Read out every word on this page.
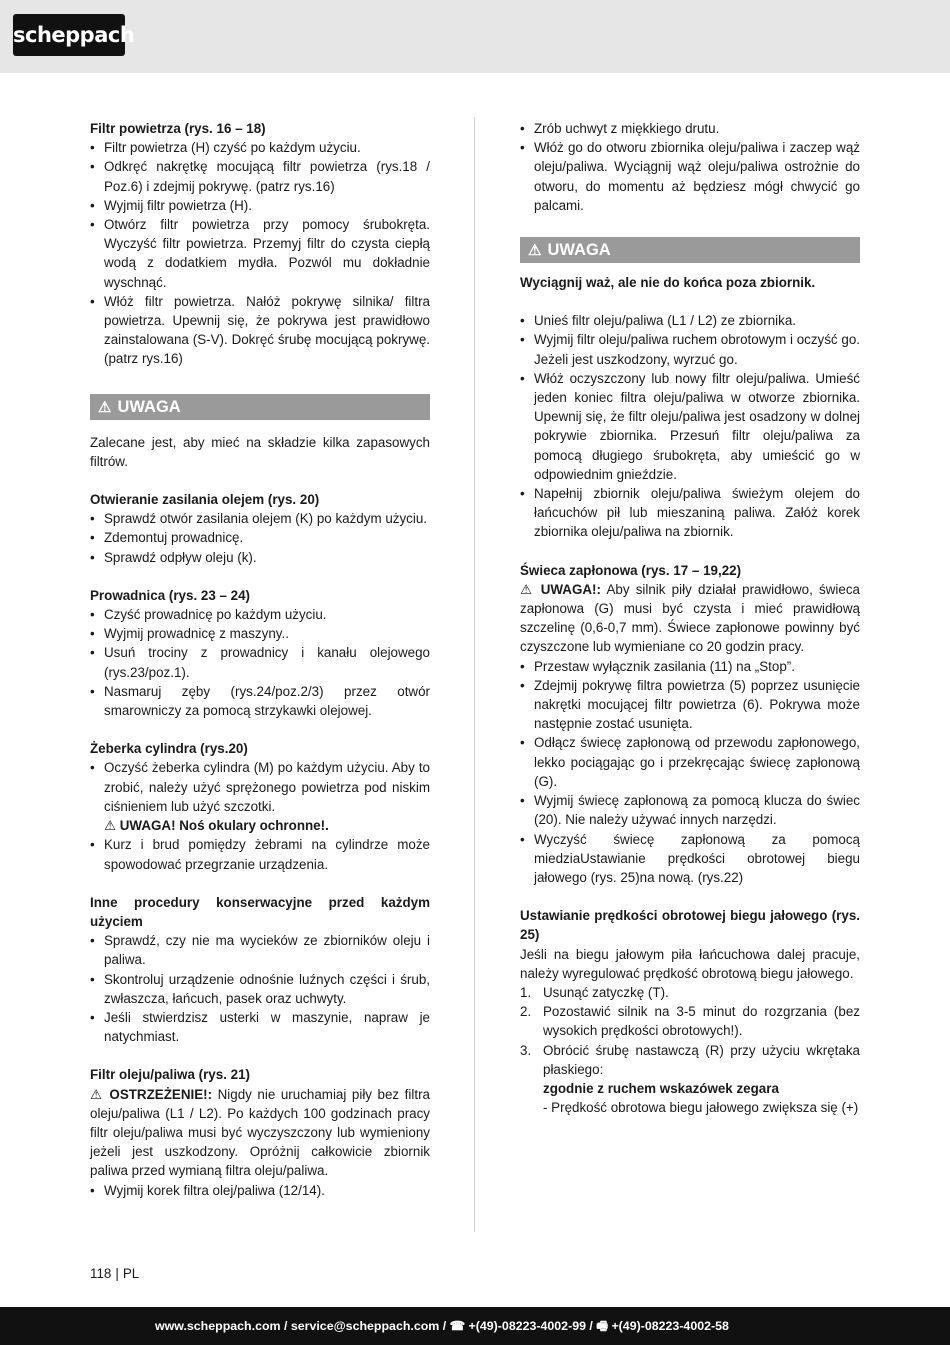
scheppach

Filtr powietrza (rys. 16 – 18)

• Filtr powietrza (H) czyść po każdym użyciu.
• Odkręć nakrętkę mocującą filtr powietrza (rys.18 / Poz.6) i zdejmij pokrywę. (patrz rys.16)
• Wyjmij filtr powietrza (H).
• Otwórz filtr powietrza przy pomocy śrubokręta. Wyczyść filtr powietrza. Przemyj filtr do czysta ciepłą wodą z dodatkiem mydła. Pozwól mu dokładnie wyschnąć.
• Włóż filtr powietrza. Nałóż pokrywę silnika/ filtra powietrza. Upewnij się, że pokrywa jest prawidłowo zainstalowana (S-V). Dokręć śrubę mocującą pokrywę. (patrz rys.16)
⚠ UWAGA

Zalecane jest, aby mieć na składzie kilka zapasowych filtrów.

Otwieranie zasilania olejem (rys. 20)

• Sprawdź otwór zasilania olejem (K) po każdym użyciu.
• Zdemontuj prowadnicę.
• Sprawdź odpływ oleju (k).

Prowadnica (rys. 23 – 24)

• Czyść prowadnicę po każdym użyciu.
• Wyjmij prowadnicę z maszyny..
• Usuń trociny z prowadnicy i kanału olejowego (rys.23/poz.1).
• Nasmaruj zęby (rys.24/poz.2/3) przez otwór smarowniczy za pomocą strzykawki olejowej.

Żeberka cylindra (rys.20)

• Oczyść żeberka cylindra (M) po każdym użyciu. Aby to zrobić, należy użyć sprężonego powietrza pod niskim ciśnieniem lub użyć szczotki.
⚠ UWAGA! Noś okulary ochronne!.
• Kurz i brud pomiędzy żebrami na cylindrze może spowodować przegrzanie urządzenia.

Inne procedury konserwacyjne przed każdym użyciem

• Sprawdź, czy nie ma wycieków ze zbiorników oleju i paliwa.
• Skontroluj urządzenie odnośnie luźnych części i śrub, zwłaszcza, łańcuch, pasek oraz uchwyty.
• Jeśli stwierdzisz usterki w maszynie, napraw je natychmiast.

Filtr oleju/paliwa (rys. 21)

⚠ OSTRZEŻENIE!: Nigdy nie uruchamiaj piły bez filtra oleju/paliwa (L1 / L2). Po każdych 100 godzinach pracy filtr oleju/paliwa musi być wyczyszczony lub wymieniony jeżeli jest uszkodzony. Opróżnij całkowicie zbiornik paliwa przed wymianą filtra oleju/paliwa.

• Wyjmij korek filtra olej/paliwa (12/14).
• Zrób uchwyt z miękkiego drutu.
• Włóż go do otworu zbiornika oleju/paliwa i zaczep wąż oleju/paliwa. Wyciągnij wąż oleju/paliwa ostrożnie do otworu, do momentu aż będziesz mógł chwycić go palcami.
⚠ UWAGA

Wyciągnij waż, ale nie do końca poza zbiornik.

• Unieś filtr oleju/paliwa (L1 / L2) ze zbiornika.
• Wyjmij filtr oleju/paliwa ruchem obrotowym i oczyść go. Jeżeli jest uszkodzony, wyrzuć go.
• Włóż oczyszczony lub nowy filtr oleju/paliwa. Umieść jeden koniec filtra oleju/paliwa w otworze zbiornika. Upewnij się, że filtr oleju/paliwa jest osadzony w dolnej pokrywie zbiornika. Przesuń filtr oleju/paliwa za pomocą długiego śrubokręta, aby umieścić go w odpowiednim gnieździe.
• Napełnij zbiornik oleju/paliwa świeżym olejem do łańcuchów pił lub mieszaniną paliwa. Załóż korek zbiornika oleju/paliwa na zbiornik.

Świeca zapłonowa (rys. 17 – 19,22)

⚠ UWAGA!: Aby silnik piły działał prawidłowo, świeca zapłonowa (G) musi być czysta i mieć prawidłową szczelinę (0,6-0,7 mm). Świece zapłonowe powinny być czyszczone lub wymieniane co 20 godzin pracy.

• Przestaw wyłącznik zasilania (11) na „Stop”.
• Zdejmij pokrywę filtra powietrza (5) poprzez usunięcie nakrętki mocującej filtr powietrza (6). Pokrywa może następnie zostać usunięta.
• Odłącz świecę zapłonową od przewodu zapłonowego, lekko pociągając go i przekręcając świecę zapłonową (G).
• Wyjmij świecę zapłonową za pomocą klucza do świec (20). Nie należy używać innych narzędzi.
• Wyczyść świecę zapłonową za pomocą miedziaUstawianie prędkości obrotowej biegu jałowego (rys. 25)na nową. (rys.22)

Ustawianie prędkości obrotowej biegu jałowego (rys. 25)

Jeśli na biegu jałowym piła łańcuchowa dalej pracuje, należy wyregulować prędkość obrotową biegu jałowego.

1. Usunąć zatyczkę (T).
2. Pozostawić silnik na 3-5 minut do rozgrzania (bez wysokich prędkości obrotowych!).
3. Obrócić śrubę nastawczą (R) przy użyciu wkrętaka płaskiego:
zgodnie z ruchem wskazówek zegara
- Prędkość obrotowa biegu jałowego zwiększa się (+)
118 | PL
www.scheppach.com / service@scheppach.com / ☎ +(49)-08223-4002-99 / 🖷 +(49)-08223-4002-58
